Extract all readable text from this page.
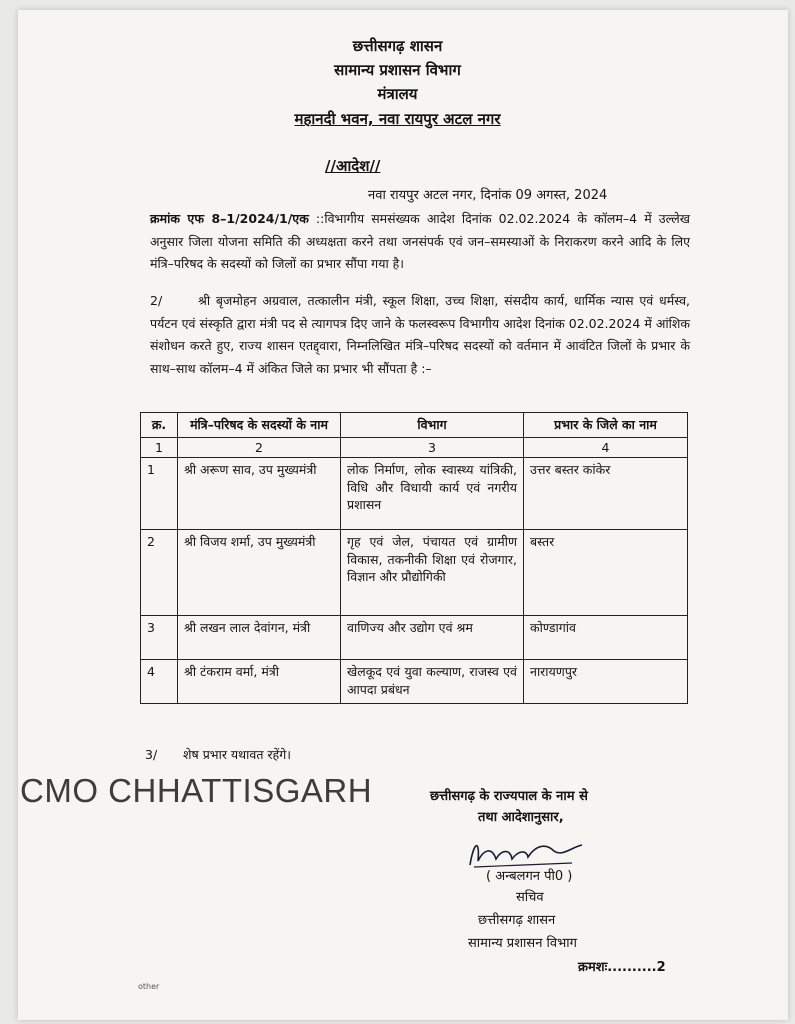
छत्तीसगढ़ शासन
सामान्य प्रशासन विभाग
मंत्रालय
महानदी भवन, नवा रायपुर अटल नगर
//आदेश//
नवा रायपुर अटल नगर, दिनांक 09 अगस्त, 2024
क्रमांक एफ 8–1/2024/1/एक ::विभागीय समसंख्यक आदेश दिनांक 02.02.2024 के कॉलम–4 में उल्लेख अनुसार जिला योजना समिति की अध्यक्षता करने तथा जनसंपर्क एवं जन–समस्याओं के निराकरण करने आदि के लिए मंत्रि–परिषद के सदस्यों को जिलों का प्रभार सौंपा गया है।
2/	श्री बृजमोहन अग्रवाल, तत्कालीन मंत्री, स्कूल शिक्षा, उच्च शिक्षा, संसदीय कार्य, धार्मिक न्यास एवं धर्मस्व, पर्यटन एवं संस्कृति द्वारा मंत्री पद से त्यागपत्र दिए जाने के फलस्वरूप विभागीय आदेश दिनांक 02.02.2024 में आंशिक संशोधन करते हुए, राज्य शासन एतद्द्वारा, निम्नलिखित मंत्रि–परिषद सदस्यों को वर्तमान में आवंटित जिलों के प्रभार के साथ–साथ कॉलम–4 में अंकित जिले का प्रभार भी सौंपता है :–
क्र.	मंत्रि–परिषद के सदस्यों के नाम	विभाग	प्रभार के जिले का नाम
1	2	3	4
1	श्री अरूण साव, उप मुख्यमंत्री	लोक निर्माण, लोक स्वास्थ्य यांत्रिकी, विधि और विधायी कार्य एवं नगरीय प्रशासन	उत्तर बस्तर कांकेर
2	श्री विजय शर्मा, उप मुख्यमंत्री	गृह एवं जेल, पंचायत एवं ग्रामीण विकास, तकनीकी शिक्षा एवं रोजगार, विज्ञान और प्रौद्योगिकी	बस्तर
3	श्री लखन लाल देवांगन, मंत्री	वाणिज्य और उद्योग एवं श्रम	कोण्डागांव
4	श्री टंकराम वर्मा, मंत्री	खेलकूद एवं युवा कल्याण, राजस्व एवं आपदा प्रबंधन	नारायणपुर
3/ शेष प्रभार यथावत रहेंगे।
CMO CHHATTISGARH	छत्तीसगढ़ के राज्यपाल के नाम से
तथा आदेशानुसार,
( अन्बलगन पी0 )
सचिव
छत्तीसगढ़ शासन
सामान्य प्रशासन विभाग
क्रमशः..........2
other
